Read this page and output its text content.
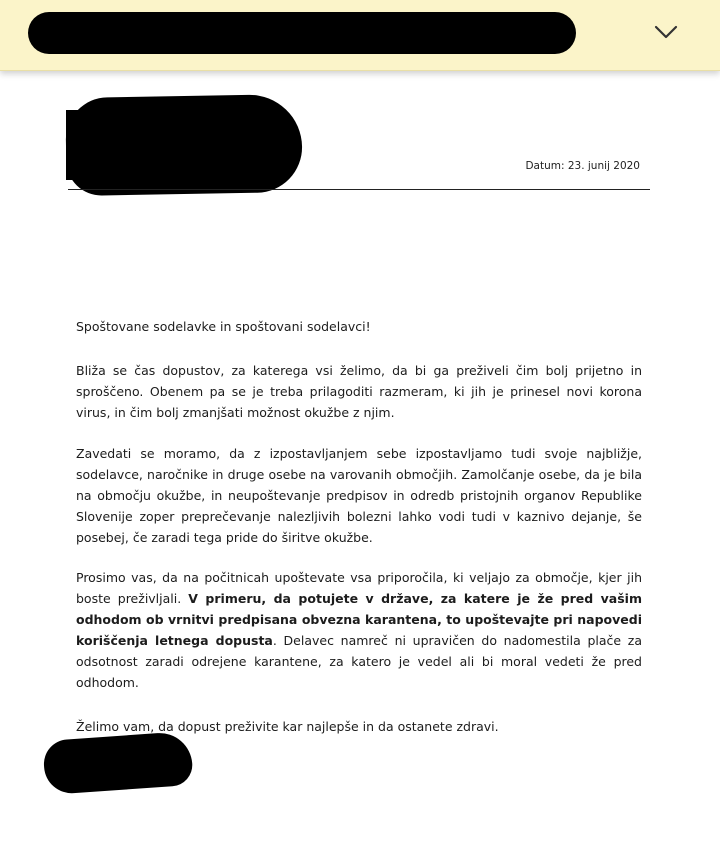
Datum: 23. junij 2020

Spoštovane sodelavke in spoštovani sodelavci!

Bliža se čas dopustov, za katerega vsi želimo, da bi ga preživeli čim bolj prijetno in sproščeno. Obenem pa se je treba prilagoditi razmeram, ki jih je prinesel novi korona virus, in čim bolj zmanjšati možnost okužbe z njim.

Zavedati se moramo, da z izpostavljanjem sebe izpostavljamo tudi svoje najbližje, sodelavce, naročnike in druge osebe na varovanih območjih. Zamolčanje osebe, da je bila na območju okužbe, in neupoštevanje predpisov in odredb pristojnih organov Republike Slovenije zoper preprečevanje nalezljivih bolezni lahko vodi tudi v kaznivo dejanje, še posebej, če zaradi tega pride do širitve okužbe.

Prosimo vas, da na počitnicah upoštevate vsa priporočila, ki veljajo za območje, kjer jih boste preživljali. V primeru, da potujete v države, za katere je že pred vašim odhodom ob vrnitvi predpisana obvezna karantena, to upoštevajte pri napovedi koriščenja letnega dopusta. Delavec namreč ni upravičen do nadomestila plače za odsotnost zaradi odrejene karantene, za katero je vedel ali bi moral vedeti že pred odhodom.

Želimo vam, da dopust preživite kar najlepše in da ostanete zdravi.
